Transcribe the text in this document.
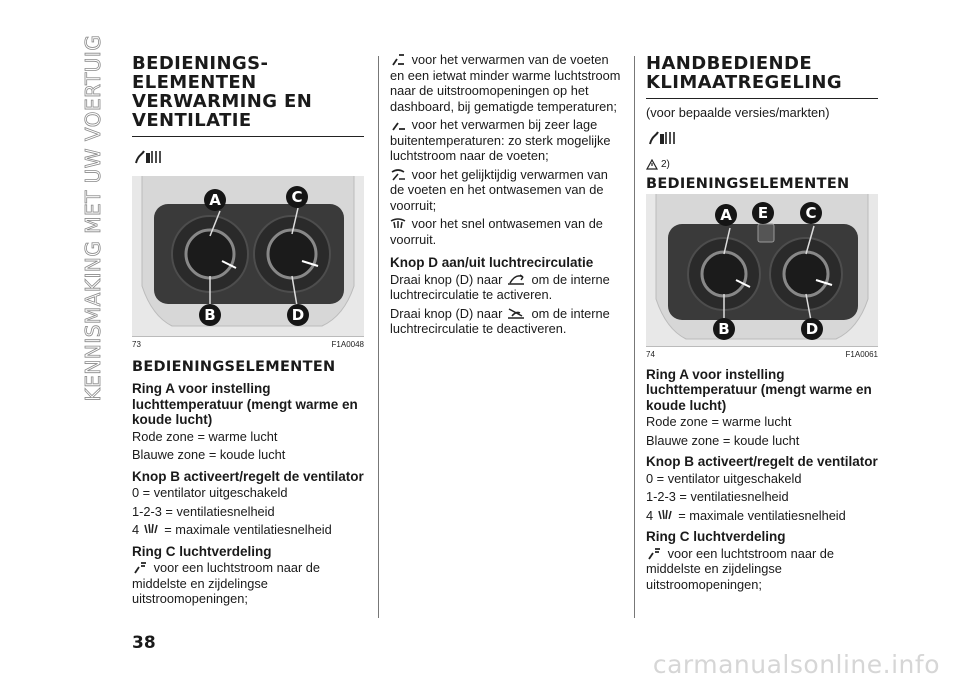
KENNISMAKING MET UW VOERTUIG BEDIENINGS-ELEMENTEN VERWARMING EN VENTILATIE
A	C
B	D
73	F1A0048
BEDIENINGSELEMENTEN
Ring A voor instelling luchttemperatuur (mengt warme en koude lucht)

Rode zone = warme lucht

Blauwe zone = koude lucht

Knop B activeert/regelt de ventilator

0 = ventilator uitgeschakeld

1-2-3 = ventilatiesnelheid

4 = maximale ventilatiesnelheid

Ring C luchtverdeling

voor een luchtstroom naar de middelste en zijdelingse uitstroomopeningen;

voor het verwarmen van de voeten en een ietwat minder warme luchtstroom naar de uitstroomopeningen op het dashboard, bij gematigde temperaturen;

voor het verwarmen bij zeer lage buitentemperaturen: zo sterk mogelijke luchtstroom naar de voeten;

voor het gelijktijdig verwarmen van de voeten en het ontwasemen van de voorruit;

voor het snel ontwasemen van de voorruit.

Knop D aan/uit luchtrecirculatie

Draai knop (D) naar om de interne luchtrecirculatie te activeren.

Draai knop (D) naar om de interne luchtrecirculatie te deactiveren.

HANDBEDIENDE KLIMAATREGELING

(voor bepaalde versies/markten)

2)
BEDIENINGSELEMENTEN
A	E	C
B	D
74	F1A0061
Ring A voor instelling luchttemperatuur (mengt warme en koude lucht)

Rode zone = warme lucht

Blauwe zone = koude lucht

Knop B activeert/regelt de ventilator

0 = ventilator uitgeschakeld

1-2-3 = ventilatiesnelheid

4 = maximale ventilatiesnelheid

Ring C luchtverdeling

voor een luchtstroom naar de middelste en zijdelingse uitstroomopeningen;

38
carmanualsonline.info
